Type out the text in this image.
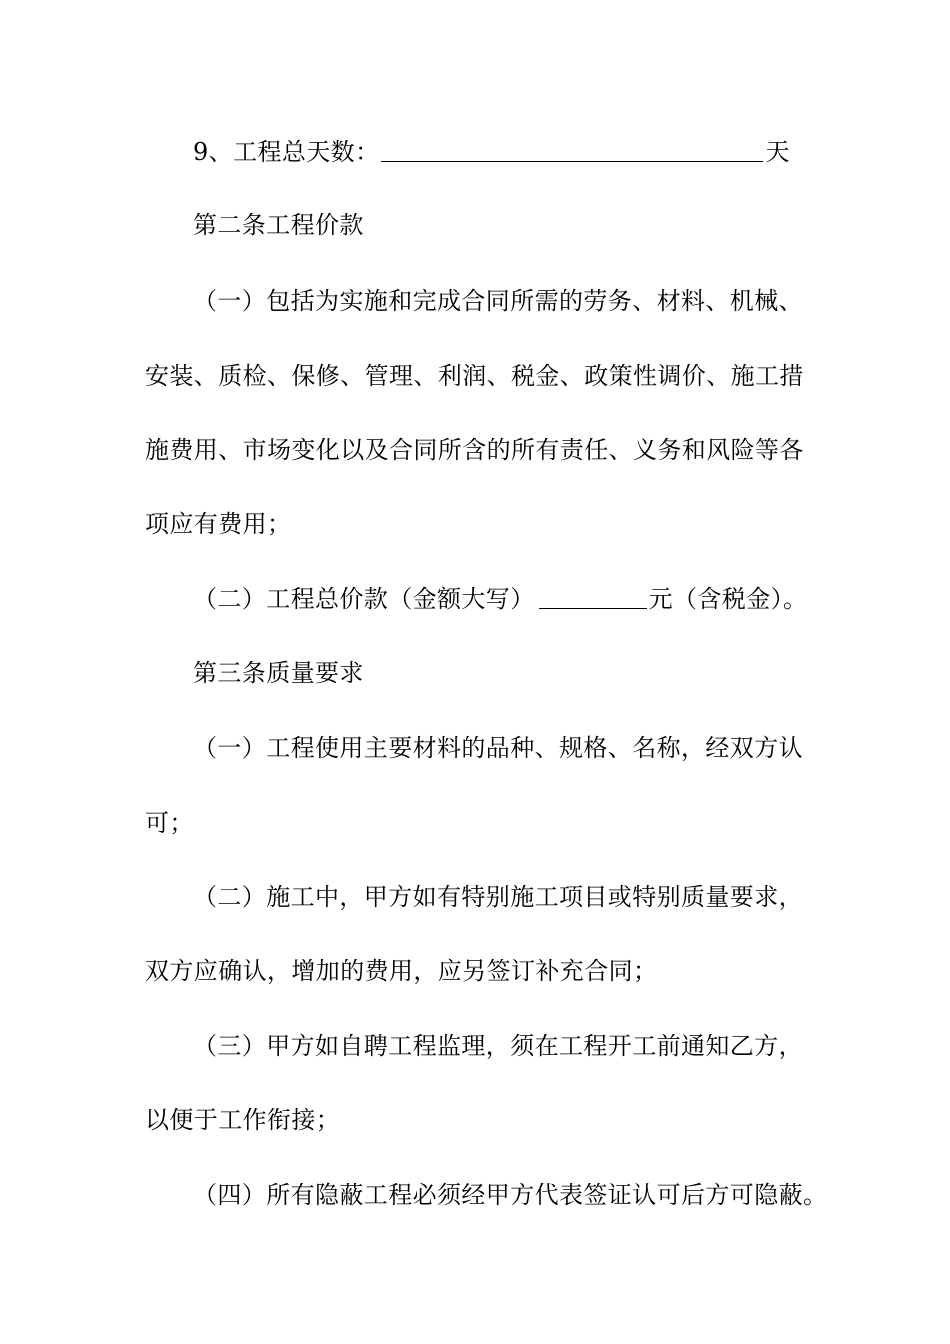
9、工程总天数：	天
第二条工程价款
（一）包括为实施和完成合同所需的劳务、材料、机械、
安装、质检、保修、管理、利润、税金、政策性调价、施工措
施费用、市场变化以及合同所含的所有责任、义务和风险等各
项应有费用；
（二）工程总价款（金额大写）	元（含税金）。
第三条质量要求
（一）工程使用主要材料的品种、规格、名称，经双方认
可；
（二）施工中，甲方如有特别施工项目或特别质量要求，
双方应确认，增加的费用，应另签订补充合同；
（三）甲方如自聘工程监理，须在工程开工前通知乙方，
以便于工作衔接；
（四）所有隐蔽工程必须经甲方代表签证认可后方可隐蔽。
